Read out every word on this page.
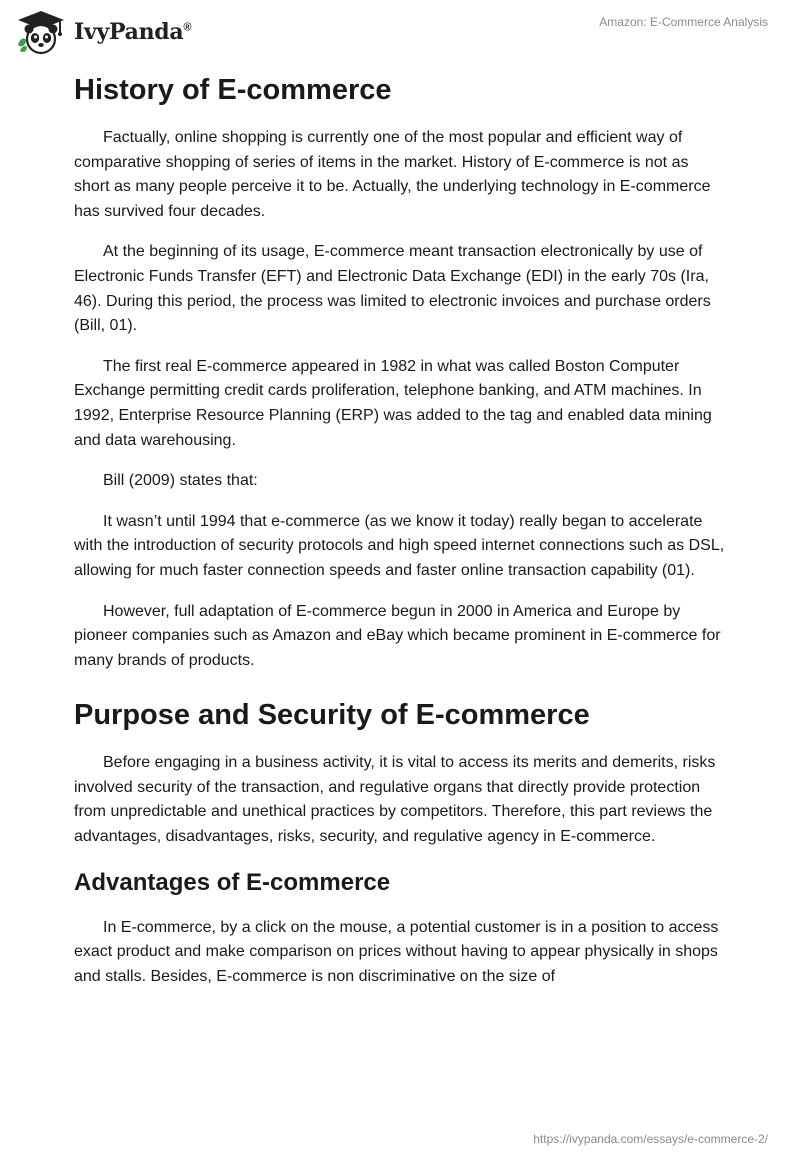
IvyPanda®	Amazon: E-Commerce Analysis
History of E-commerce

Factually, online shopping is currently one of the most popular and efficient way of comparative shopping of series of items in the market. History of E-commerce is not as short as many people perceive it to be. Actually, the underlying technology in E-commerce has survived four decades.

At the beginning of its usage, E-commerce meant transaction electronically by use of Electronic Funds Transfer (EFT) and Electronic Data Exchange (EDI) in the early 70s (Ira, 46). During this period, the process was limited to electronic invoices and purchase orders (Bill, 01).

The first real E-commerce appeared in 1982 in what was called Boston Computer Exchange permitting credit cards proliferation, telephone banking, and ATM machines. In 1992, Enterprise Resource Planning (ERP) was added to the tag and enabled data mining and data warehousing.

Bill (2009) states that:

It wasn’t until 1994 that e-commerce (as we know it today) really began to accelerate with the introduction of security protocols and high speed internet connections such as DSL, allowing for much faster connection speeds and faster online transaction capability (01).

However, full adaptation of E-commerce begun in 2000 in America and Europe by pioneer companies such as Amazon and eBay which became prominent in E-commerce for many brands of products.

Purpose and Security of E-commerce

Before engaging in a business activity, it is vital to access its merits and demerits, risks involved security of the transaction, and regulative organs that directly provide protection from unpredictable and unethical practices by competitors. Therefore, this part reviews the advantages, disadvantages, risks, security, and regulative agency in E-commerce.

Advantages of E-commerce

In E-commerce, by a click on the mouse, a potential customer is in a position to access exact product and make comparison on prices without having to appear physically in shops and stalls. Besides, E-commerce is non discriminative on the size of

https://ivypanda.com/essays/e-commerce-2/
